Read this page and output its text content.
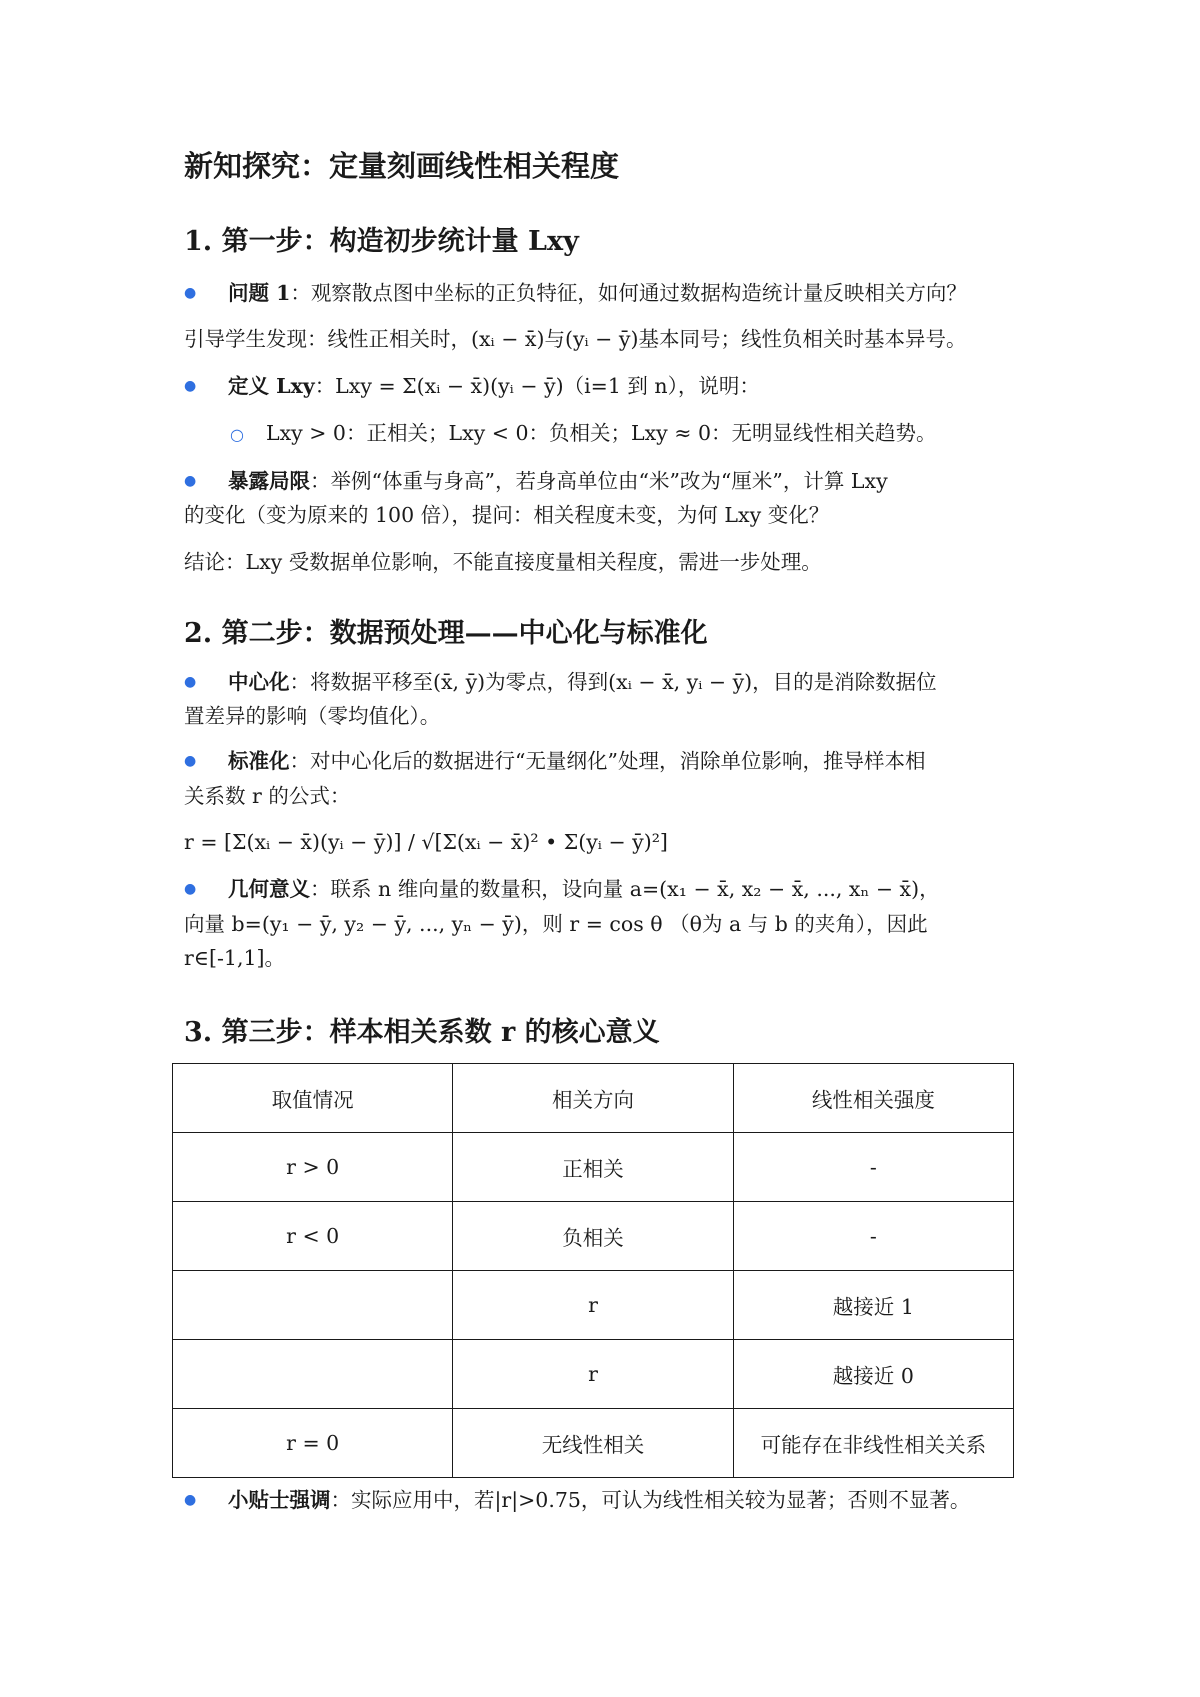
新知探究：定量刻画线性相关程度
1. 第一步：构造初步统计量 Lxy
●	问题 1：观察散点图中坐标的正负特征，如何通过数据构造统计量反映相关方向？
引导学生发现：线性正相关时，(xᵢ − x̄)与(yᵢ − ȳ)基本同号；线性负相关时基本异号。
●	定义 Lxy：Lxy = Σ(xᵢ − x̄)(yᵢ − ȳ)（i=1 到 n），说明：
○ Lxy > 0：正相关；Lxy < 0：负相关；Lxy ≈ 0：无明显线性相关趋势。
●	暴露局限：举例“体重与身高”，若身高单位由“米”改为“厘米”，计算 Lxy
的变化（变为原来的 100 倍），提问：相关程度未变，为何 Lxy 变化？
结论：Lxy 受数据单位影响，不能直接度量相关程度，需进一步处理。
2. 第二步：数据预处理——中心化与标准化
●	中心化：将数据平移至(x̄, ȳ)为零点，得到(xᵢ − x̄, yᵢ − ȳ)，目的是消除数据位
置差异的影响（零均值化）。
●	标准化：对中心化后的数据进行“无量纲化”处理，消除单位影响，推导样本相
关系数 r 的公式：
r = [Σ(xᵢ − x̄)(yᵢ − ȳ)] / √[Σ(xᵢ − x̄)² • Σ(yᵢ − ȳ)²]
●	几何意义：联系 n 维向量的数量积，设向量 a=(x₁ − x̄, x₂ − x̄, ..., xₙ − x̄)，
向量 b=(y₁ − ȳ, y₂ − ȳ, ..., yₙ − ȳ)，则 r = cos θ （θ为 a 与 b 的夹角），因此
r∈[-1,1]。
3. 第三步：样本相关系数 r 的核心意义
●	小贴士强调：实际应用中，若|r|>0.75，可认为线性相关较为显著；否则不显著。
取值情况	相关方向	线性相关强度
r > 0	正相关	-
r < 0	负相关	-
	r	越接近 1
	r	越接近 0
r = 0	无线性相关	可能存在非线性相关关系
